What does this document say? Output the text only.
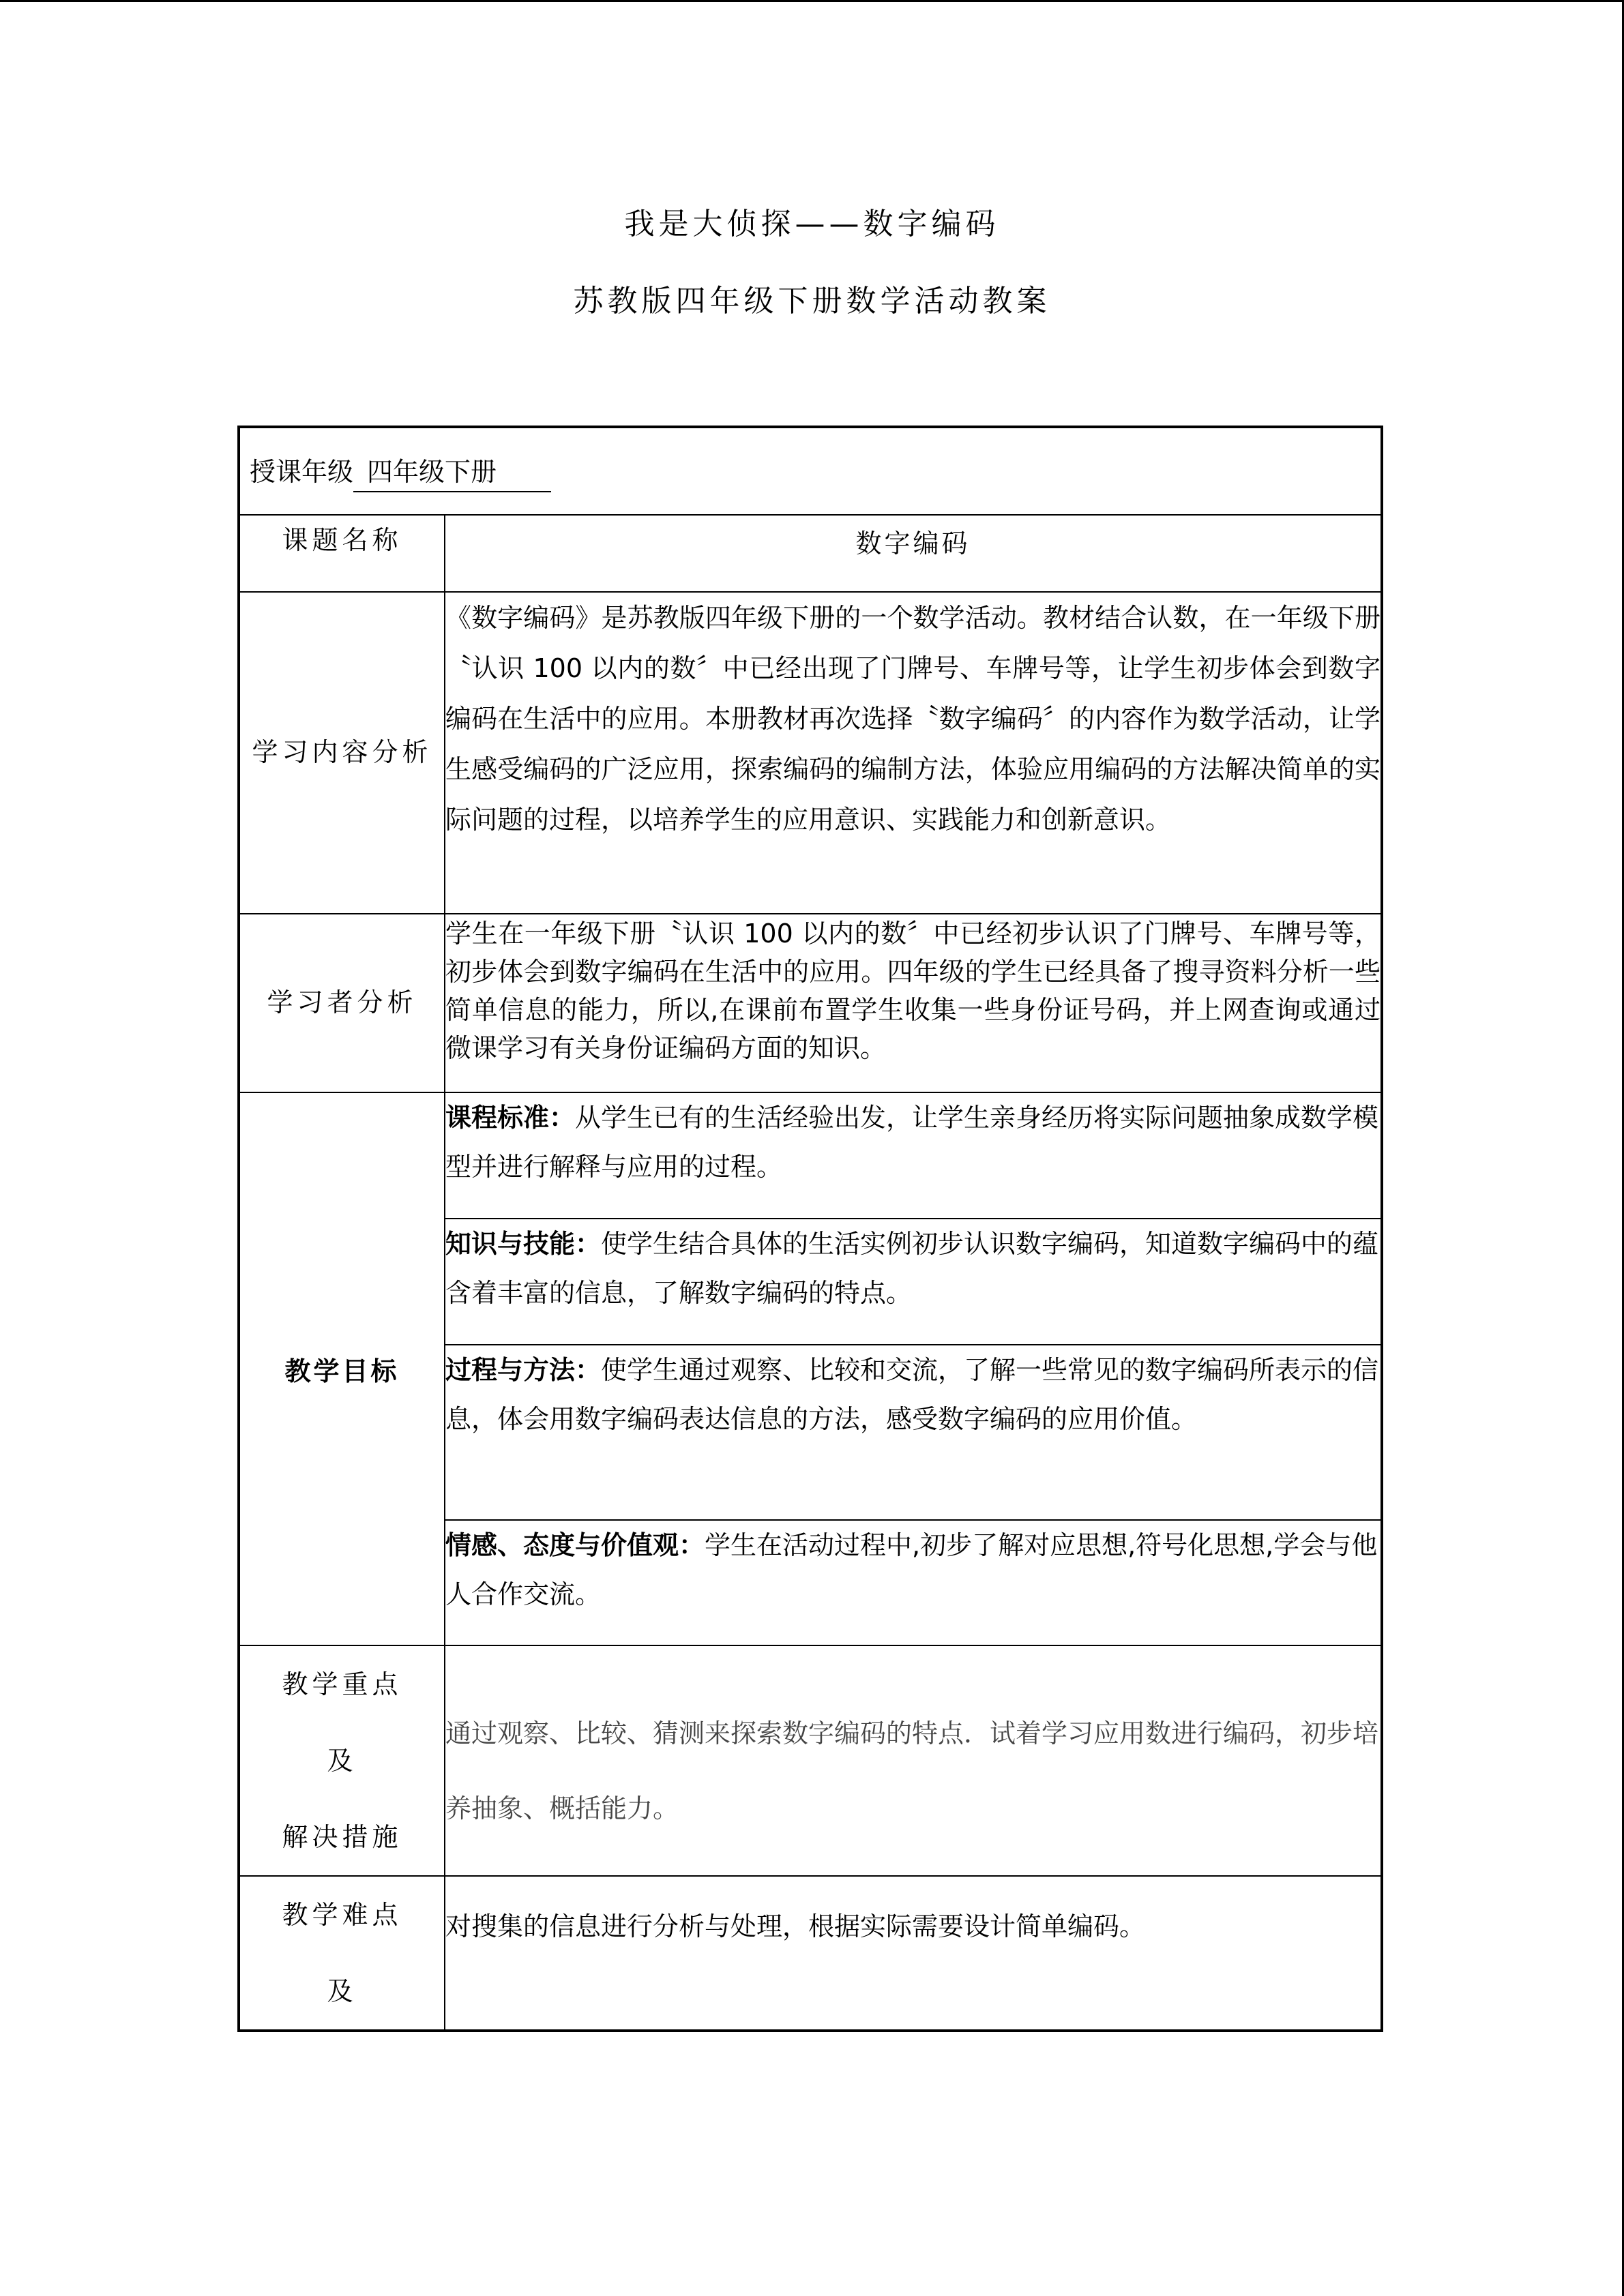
我是大侦探——数字编码
苏教版四年级下册数学活动教案
授课年级 四年级下册	
课题名称	数字编码
学习内容分析	《数字编码》是苏教版四年级下册的一个数学活动。教材结合认数，在一年级下册〝认识 100 以内的数〞中已经出现了门牌号、车牌号等，让学生初步体会到数字编码在生活中的应用。本册教材再次选择〝数字编码〞的内容作为数学活动，让学生感受编码的广泛应用，探索编码的编制方法，体验应用编码的方法解决简单的实际问题的过程，以培养学生的应用意识、实践能力和创新意识。
学习者分析	学生在一年级下册〝认识 100 以内的数〞中已经初步认识了门牌号、车牌号等，初步体会到数字编码在生活中的应用。四年级的学生已经具备了搜寻资料分析一些简单信息的能力，所以,在课前布置学生收集一些身份证号码，并上网查询或通过微课学习有关身份证编码方面的知识。
教学目标	课程标准：从学生已有的生活经验出发，让学生亲身经历将实际问题抽象成数学模型并进行解释与应用的过程。
	知识与技能：使学生结合具体的生活实例初步认识数字编码，知道数字编码中的蕴含着丰富的信息，了解数字编码的特点。
	过程与方法：使学生通过观察、比较和交流，了解一些常见的数字编码所表示的信息，体会用数字编码表达信息的方法，感受数字编码的应用价值。
	情感、态度与价值观：学生在活动过程中,初步了解对应思想,符号化思想,学会与他人合作交流。

教学重点
及
解决措施	通过观察、比较、猜测来探索数字编码的特点．试着学习应用数进行编码，初步培养抽象、概括能力。

教学难点
及	对搜集的信息进行分析与处理，根据实际需要设计简单编码。
